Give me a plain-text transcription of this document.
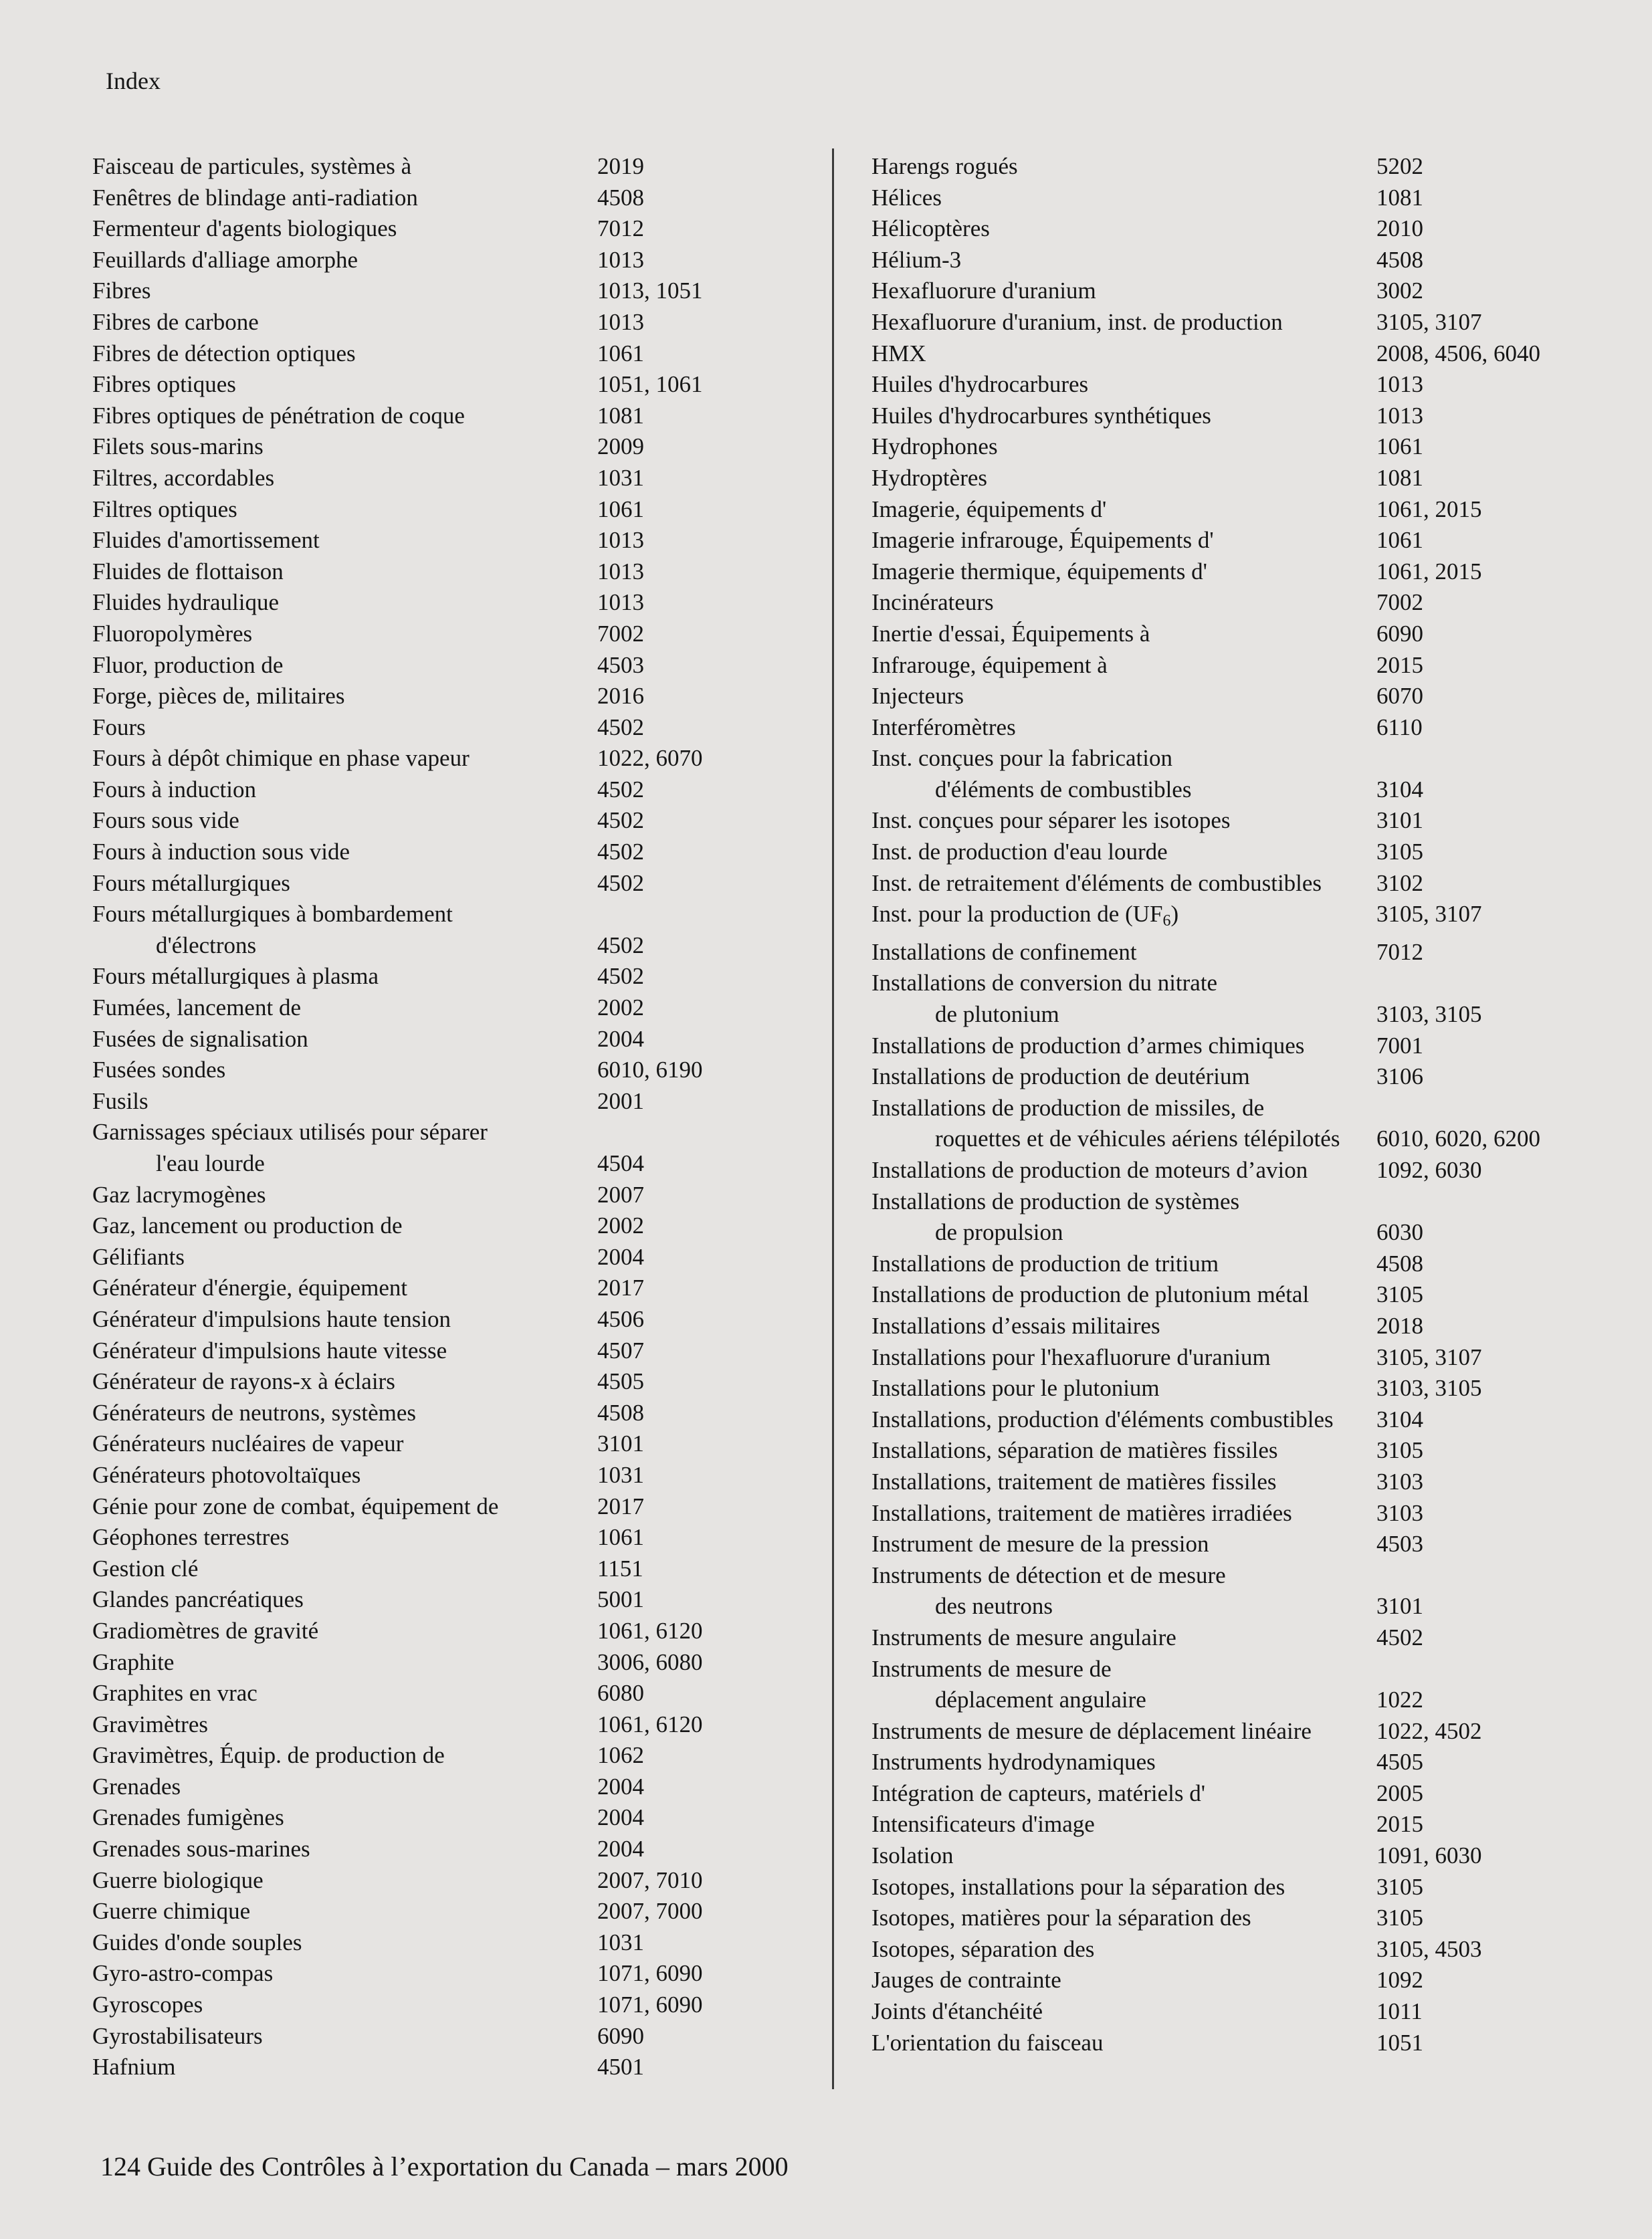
Index
Faisceau de particules, systèmes à	2019
Fenêtres de blindage anti-radiation	4508
Fermenteur d'agents biologiques	7012
Feuillards d'alliage amorphe	1013
Fibres	1013, 1051
Fibres de carbone	1013
Fibres de détection optiques	1061
Fibres optiques	1051, 1061
Fibres optiques de pénétration de coque	1081
Filets sous-marins	2009
Filtres, accordables	1031
Filtres optiques	1061
Fluides d'amortissement	1013
Fluides de flottaison	1013
Fluides hydraulique	1013
Fluoropolymères	7002
Fluor, production de	4503
Forge, pièces de, militaires	2016
Fours	4502
Fours à dépôt chimique en phase vapeur	1022, 6070
Fours à induction	4502
Fours sous vide	4502
Fours à induction sous vide	4502
Fours métallurgiques	4502
Fours métallurgiques à bombardement
d'électrons	4502
Fours métallurgiques à plasma	4502
Fumées, lancement de	2002
Fusées de signalisation	2004
Fusées sondes	6010, 6190
Fusils	2001
Garnissages spéciaux utilisés pour séparer
l'eau lourde	4504
Gaz lacrymogènes	2007
Gaz, lancement ou production de	2002
Gélifiants	2004
Générateur d'énergie, équipement	2017
Générateur d'impulsions haute tension	4506
Générateur d'impulsions haute vitesse	4507
Générateur de rayons-x à éclairs	4505
Générateurs de neutrons, systèmes	4508
Générateurs nucléaires de vapeur	3101
Générateurs photovoltaïques	1031
Génie pour zone de combat, équipement de	2017
Géophones terrestres	1061
Gestion clé	1151
Glandes pancréatiques	5001
Gradiomètres de gravité	1061, 6120
Graphite	3006, 6080
Graphites en vrac	6080
Gravimètres	1061, 6120
Gravimètres, Équip. de production de	1062
Grenades	2004
Grenades fumigènes	2004
Grenades sous-marines	2004
Guerre biologique	2007, 7010
Guerre chimique	2007, 7000
Guides d'onde souples	1031
Gyro-astro-compas	1071, 6090
Gyroscopes	1071, 6090
Gyrostabilisateurs	6090
Hafnium	4501
Harengs rogués	5202
Hélices	1081
Hélicoptères	2010
Hélium-3	4508
Hexafluorure d'uranium	3002
Hexafluorure d'uranium, inst. de production	3105, 3107
HMX	2008, 4506, 6040
Huiles d'hydrocarbures	1013
Huiles d'hydrocarbures synthétiques	1013
Hydrophones	1061
Hydroptères	1081
Imagerie, équipements d'	1061, 2015
Imagerie infrarouge, Équipements d'	1061
Imagerie thermique, équipements d'	1061, 2015
Incinérateurs	7002
Inertie d'essai, Équipements à	6090
Infrarouge, équipement à	2015
Injecteurs	6070
Interféromètres	6110
Inst. conçues pour la fabrication
d'éléments de combustibles	3104
Inst. conçues pour séparer les isotopes	3101
Inst. de production d'eau lourde	3105
Inst. de retraitement d'éléments de combustibles	3102
Inst. pour la production de $(UF_6)$	3105, 3107
Installations de confinement	7012
Installations de conversion du nitrate
de plutonium	3103, 3105
Installations de production d’armes chimiques	7001
Installations de production de deutérium	3106
Installations de production de missiles, de
roquettes et de véhicules aériens télépilotés	6010, 6020, 6200
Installations de production de moteurs d’avion	1092, 6030
Installations de production de systèmes
de propulsion	6030
Installations de production de tritium	4508
Installations de production de plutonium métal	3105
Installations d’essais militaires	2018
Installations pour l'hexafluorure d'uranium	3105, 3107
Installations pour le plutonium	3103, 3105
Installations, production d'éléments combustibles	3104
Installations, séparation de matières fissiles	3105
Installations, traitement de matières fissiles	3103
Installations, traitement de matières irradiées	3103
Instrument de mesure de la pression	4503
Instruments de détection et de mesure
des neutrons	3101
Instruments de mesure angulaire	4502
Instruments de mesure de
déplacement angulaire	1022
Instruments de mesure de déplacement linéaire	1022, 4502
Instruments hydrodynamiques	4505
Intégration de capteurs, matériels d'	2005
Intensificateurs d'image	2015
Isolation	1091, 6030
Isotopes, installations pour la séparation des	3105
Isotopes, matières pour la séparation des	3105
Isotopes, séparation des	3105, 4503
Jauges de contrainte	1092
Joints d'étanchéité	1011
L'orientation du faisceau	1051
124 Guide des Contrôles à l’exportation du Canada – mars 2000
